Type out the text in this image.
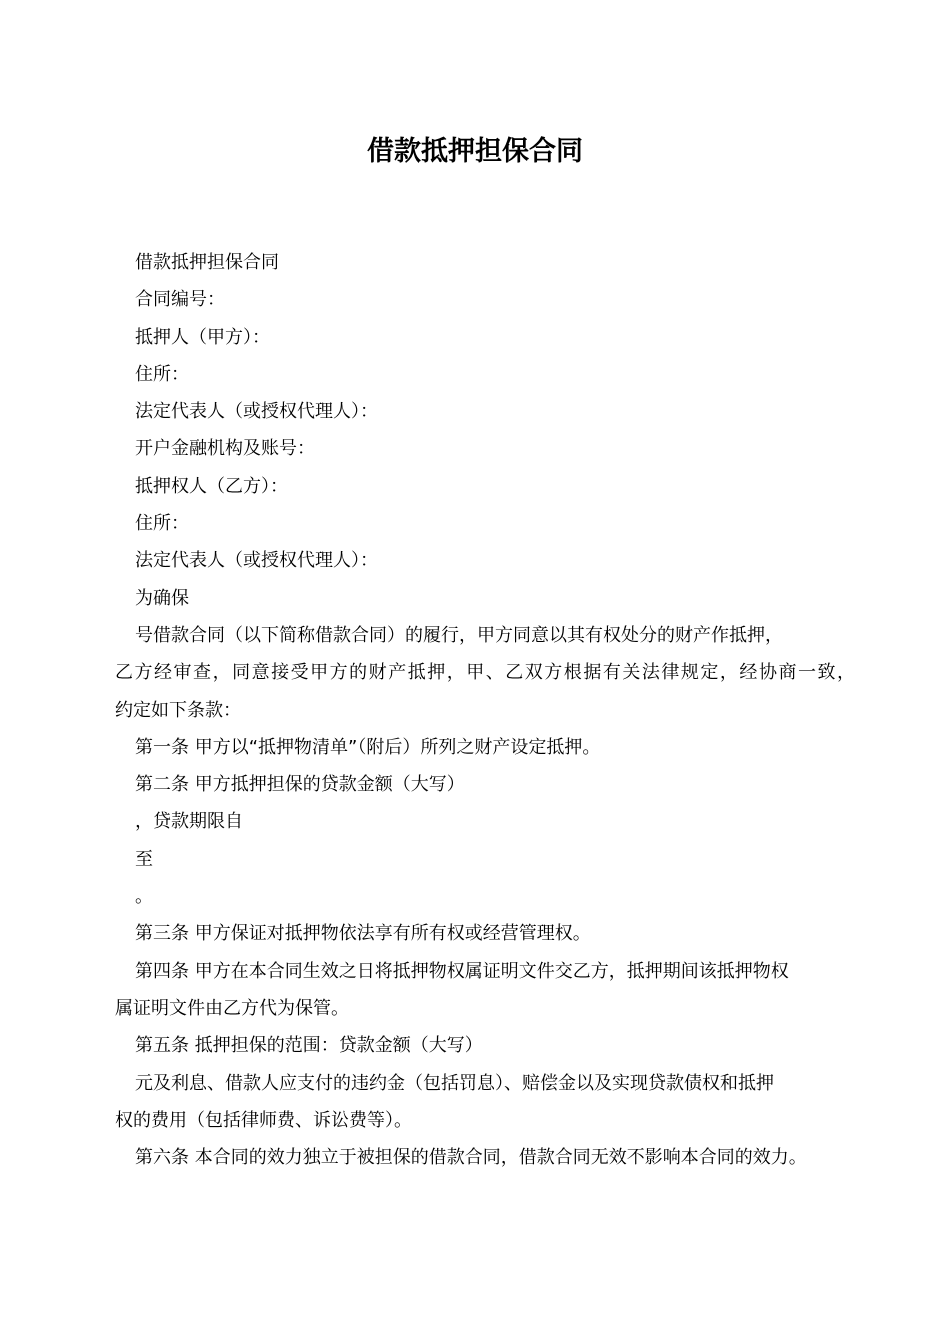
借款抵押担保合同
借款抵押担保合同
合同编号：
抵押人（甲方）：
住所：
法定代表人（或授权代理人）：
开户金融机构及账号：
抵押权人（乙方）：
住所：
法定代表人（或授权代理人）：
为确保
号借款合同（以下简称借款合同）的履行，甲方同意以其有权处分的财产作抵押，
乙方经审查，同意接受甲方的财产抵押，甲、乙双方根据有关法律规定，经协商一致，
约定如下条款：
第一条 甲方以“抵押物清单”（附后）所列之财产设定抵押。
第二条 甲方抵押担保的贷款金额（大写）
，贷款期限自
至
。
第三条 甲方保证对抵押物依法享有所有权或经营管理权。
第四条 甲方在本合同生效之日将抵押物权属证明文件交乙方，抵押期间该抵押物权
属证明文件由乙方代为保管。
第五条 抵押担保的范围：贷款金额（大写）
元及利息、借款人应支付的违约金（包括罚息）、赔偿金以及实现贷款债权和抵押
权的费用（包括律师费、诉讼费等）。
第六条 本合同的效力独立于被担保的借款合同，借款合同无效不影响本合同的效力。
